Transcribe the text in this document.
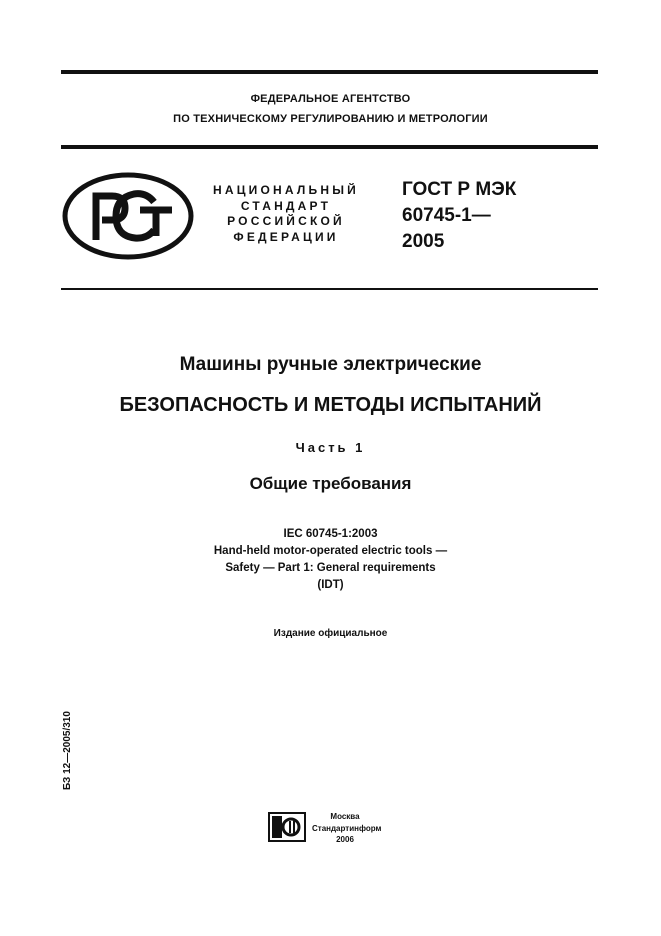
ФЕДЕРАЛЬНОЕ АГЕНТСТВО
ПО ТЕХНИЧЕСКОМУ РЕГУЛИРОВАНИЮ И МЕТРОЛОГИИ
НАЦИОНАЛЬНЫЙ
СТАНДАРТ
РОССИЙСКОЙ
ФЕДЕРАЦИИ
ГОСТ Р МЭК
60745-1—
2005
Машины ручные электрические
БЕЗОПАСНОСТЬ И МЕТОДЫ ИСПЫТАНИЙ
Часть 1
Общие требования
IEC 60745-1:2003
Hand-held motor-operated electric tools —
Safety — Part 1: General requirements
(IDT)
Издание официальное
БЗ 12—2005/310
Москва
Стандартинформ
2006
